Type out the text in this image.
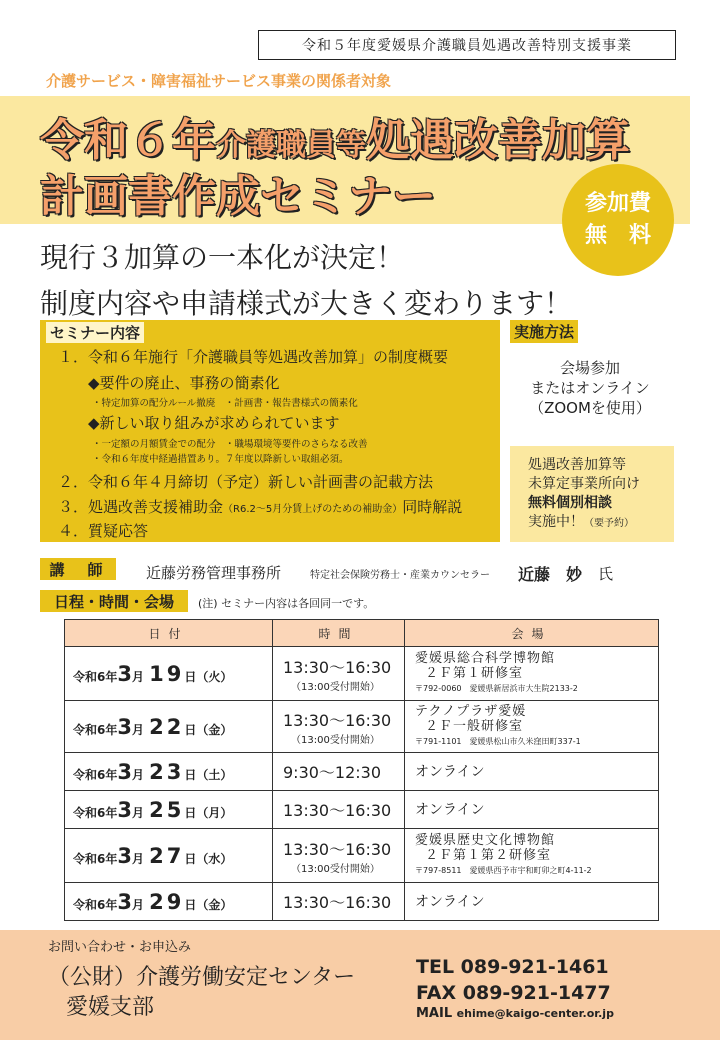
令和５年度愛媛県介護職員処遇改善特別支援事業
介護サービス・障害福祉サービス事業の関係者対象
令和６年介護職員等処遇改善加算
計画書作成セミナー	参加費
無　料
現行３加算の一本化が決定！
制度内容や申請様式が大きく変わります！
セミナー内容
１．令和６年施行「介護職員等処遇改善加算」の制度概要
◆要件の廃止、事務の簡素化
・特定加算の配分ルール撤廃　・計画書・報告書様式の簡素化
◆新しい取り組みが求められています
・一定額の月額賃金での配分　・職場環境等要件のさらなる改善
・令和６年度中経過措置あり。７年度以降新しい取組必須。
２．令和６年４月締切（予定）新しい計画書の記載方法
３．処遇改善支援補助金（R6.2～5月分賃上げのための補助金）同時解説
４．質疑応答
実施方法
会場参加
またはオンライン
（ZOOMを使用）
処遇改善加算等
未算定事業所向け
無料個別相談
実施中！（要予約）
講　師	近藤労務管理事務所	特定社会保険労務士・産業カウンセラー 近藤　妙 氏
日程・時間・会場	(注) セミナー内容は各回同一です。
日付	時間	会場
令和6年3月 19日（火）	13:30～16:30
（13:00受付開始）	愛媛県総合科学博物館
２Ｆ第１研修室
〒792-0060　愛媛県新居浜市大生院2133-2

令和6年3月 22日（金）	13:30～16:30
（13:00受付開始）	テクノプラザ愛媛
２Ｆ一般研修室
〒791-1101　愛媛県松山市久米窪田町337-1

令和6年3月 23日（土）	9:30～12:30	オンライン
令和6年3月 25日（月）	13:30～16:30	オンライン
令和6年3月 27日（水）	13:30～16:30
（13:00受付開始）	愛媛県歴史文化博物館
２Ｆ第１第２研修室
〒797-8511　愛媛県西予市宇和町卯之町4-11-2

令和6年3月 29日（金）	13:30～16:30	オンライン
お問い合わせ・お申込み
（公財）介護労働安定センター
愛媛支部
TEL 089-921-1461
FAX 089-921-1477
MAIL ehime@kaigo-center.or.jp
